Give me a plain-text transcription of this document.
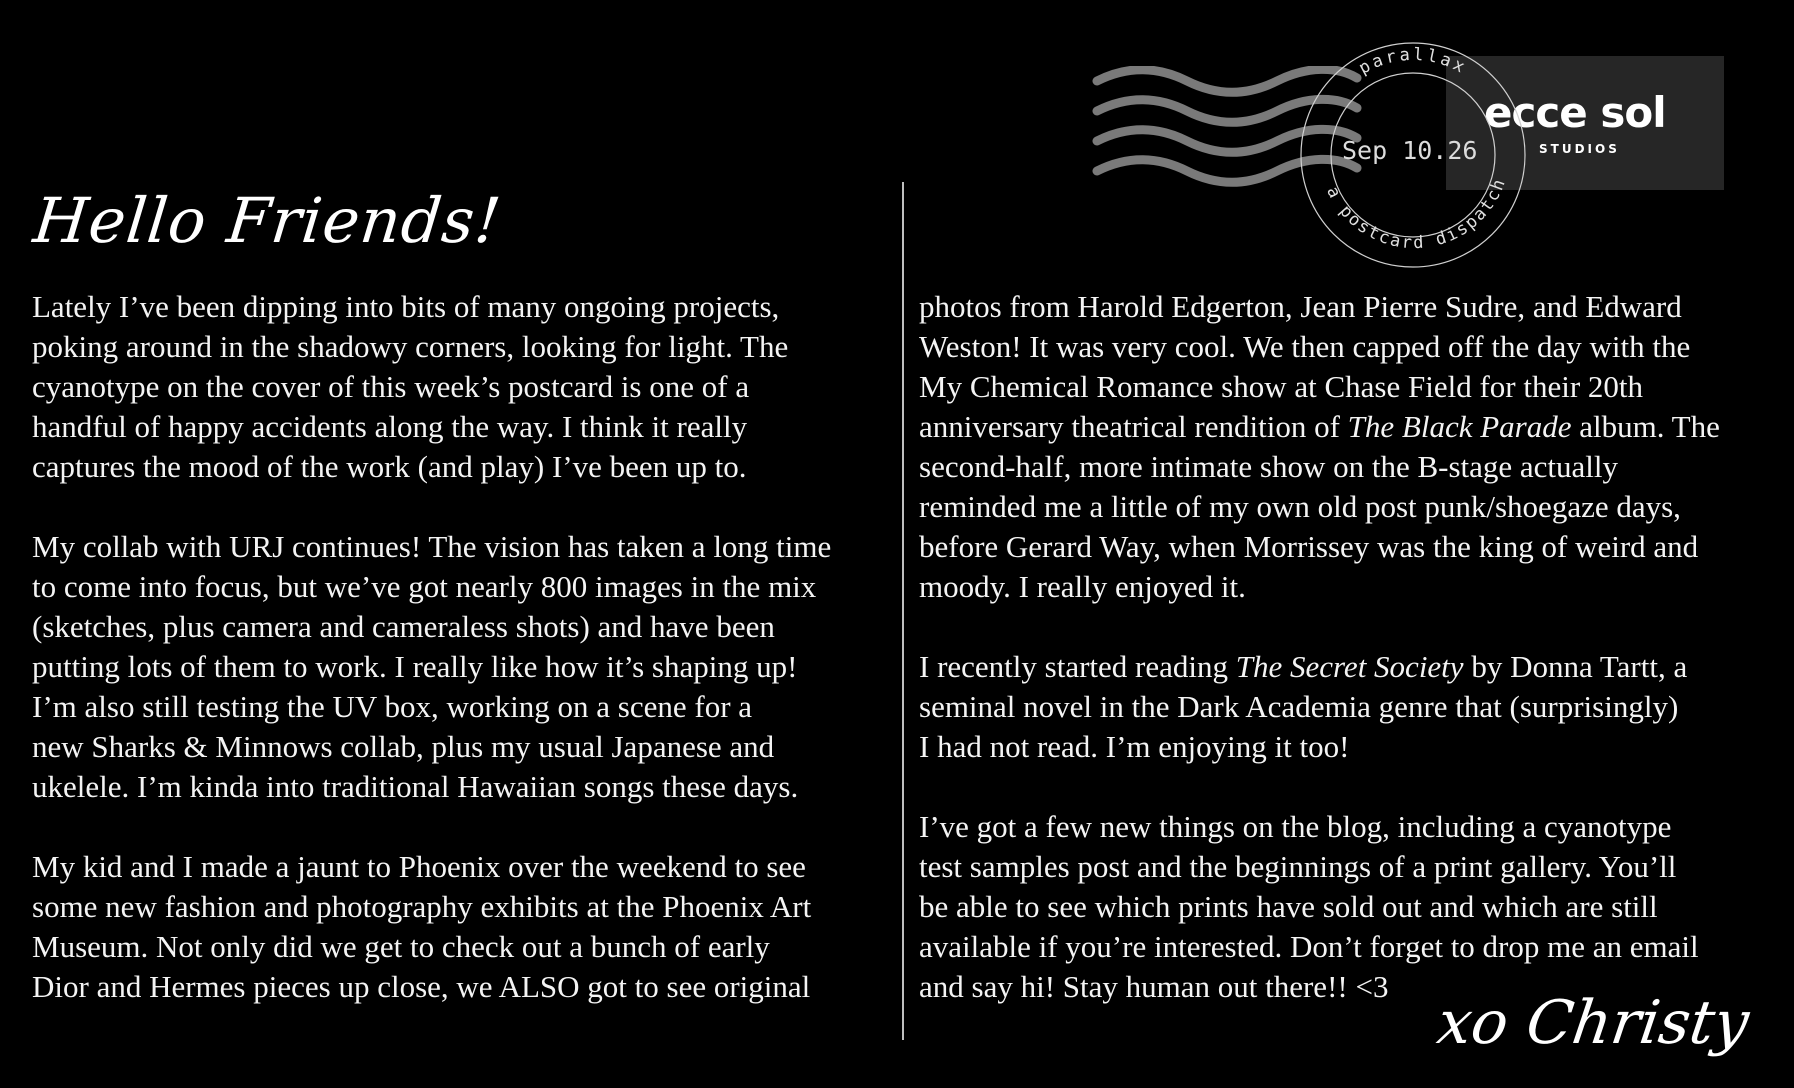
Hello Friends!

Lately I’ve been dipping into bits of many ongoing projects,
poking around in the shadowy corners, looking for light. The
cyanotype on the cover of this week’s postcard is one of a
handful of happy accidents along the way. I think it really
captures the mood of the work (and play) I’ve been up to.

My collab with URJ continues! The vision has taken a long time
to come into focus, but we’ve got nearly 800 images in the mix
(sketches, plus camera and cameraless shots) and have been
putting lots of them to work. I really like how it’s shaping up!
I’m also still testing the UV box, working on a scene for a
new Sharks & Minnows collab, plus my usual Japanese and
ukelele. I’m kinda into traditional Hawaiian songs these days.

My kid and I made a jaunt to Phoenix over the weekend to see
some new fashion and photography exhibits at the Phoenix Art
Museum. Not only did we get to check out a bunch of early
Dior and Hermes pieces up close, we ALSO got to see original

photos from Harold Edgerton, Jean Pierre Sudre, and Edward
Weston! It was very cool. We then capped off the day with the
My Chemical Romance show at Chase Field for their 20th
anniversary theatrical rendition of The Black Parade album. The
second-half, more intimate show on the B-stage actually
reminded me a little of my own old post punk/shoegaze days,
before Gerard Way, when Morrissey was the king of weird and
moody. I really enjoyed it.

I recently started reading The Secret Society by Donna Tartt, a
seminal novel in the Dark Academia genre that (surprisingly)
I had not read. I’m enjoying it too!

I’ve got a few new things on the blog, including a cyanotype
test samples post and the beginnings of a print gallery. You’ll
be able to see which prints have sold out and which are still
available if you’re interested. Don’t forget to drop me an email
and say hi! Stay human out there!! <3

xo Christy
ecce sol
STUDIOS
parallax
a postcard dispatch
Sep 10.26
